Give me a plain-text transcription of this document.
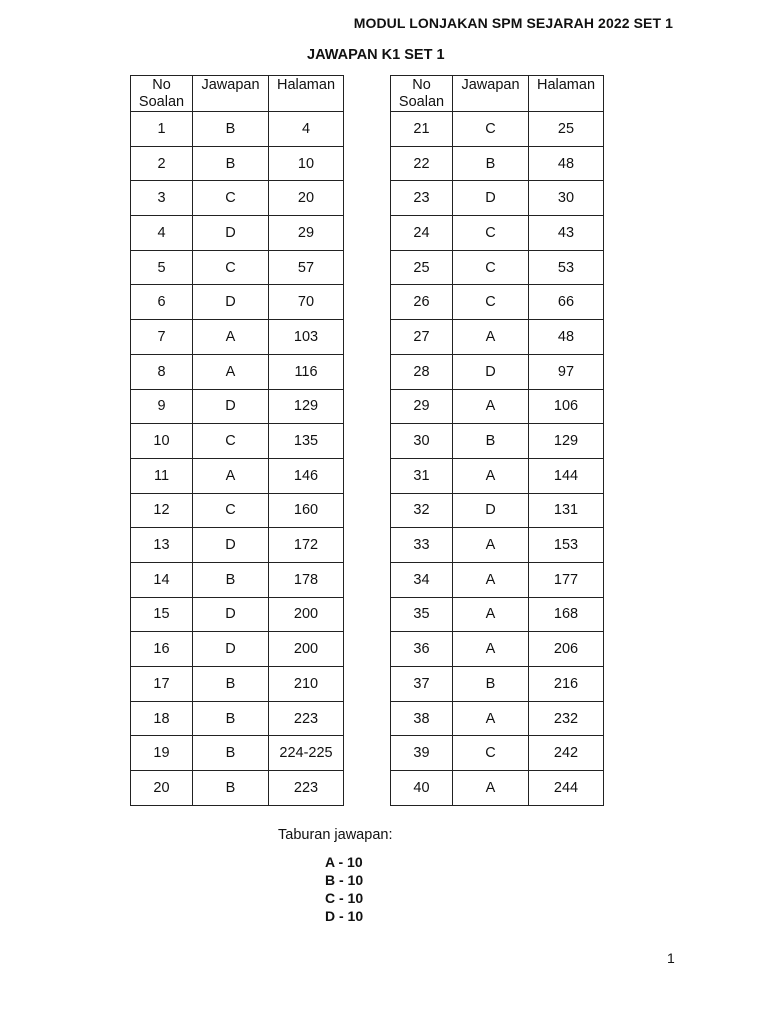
MODUL LONJAKAN SPM SEJARAH 2022 SET 1
JAWAPAN K1 SET 1
No
Soalan	Jawapan	Halaman
1	B	4
2	B	10
3	C	20
4	D	29
5	C	57
6	D	70
7	A	103
8	A	116
9	D	129
10	C	135
11	A	146
12	C	160
13	D	172
14	B	178
15	D	200
16	D	200
17	B	210
18	B	223
19	B	224-225
20	B	223
No
Soalan	Jawapan	Halaman
21	C	25
22	B	48
23	D	30
24	C	43
25	C	53
26	C	66
27	A	48
28	D	97
29	A	106
30	B	129
31	A	144
32	D	131
33	A	153
34	A	177
35	A	168
36	A	206
37	B	216
38	A	232
39	C	242
40	A	244
Taburan jawapan:
A - 10
B - 10
C - 10
D - 10
1
